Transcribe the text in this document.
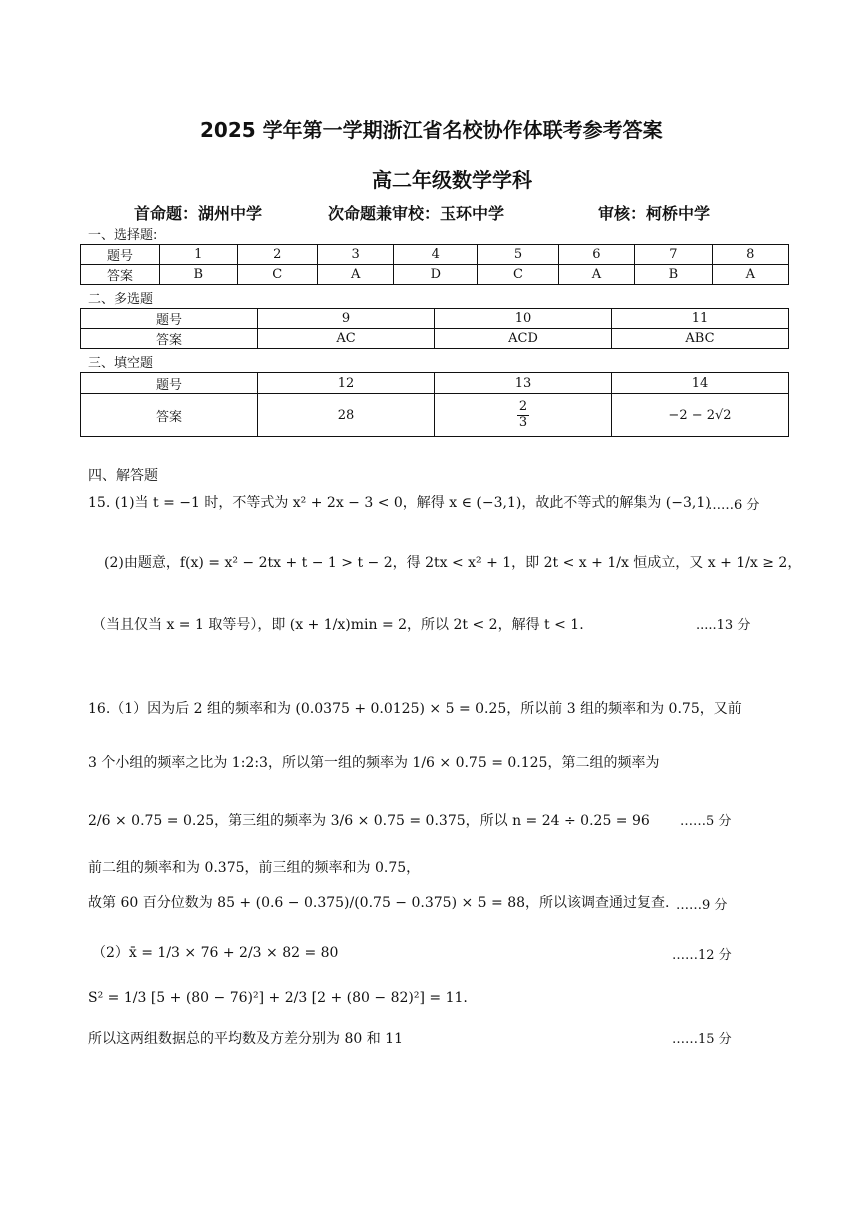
2025 学年第一学期浙江省名校协作体联考参考答案
高二年级数学学科
首命题：湖州中学	次命题兼审校：玉环中学	审核：柯桥中学
一、选择题:
题号	1	2	3	4	5	6	7	8
答案	B	C	A	D	C	A	B	A
二、多选题
题号	9	10	11
答案	AC	ACD	ABC
三、填空题
题号	12	13	14
答案	28	$\frac{2}{3}$	−2 − 2√2
四、解答题
15. (1)当 t = −1 时，不等式为 x² + 2x − 3 < 0，解得 x ∈ (−3,1)，故此不等式的解集为 (−3,1)
……6 分
(2)由题意，f(x) = x² − 2tx + t − 1 > t − 2，得 2tx < x² + 1，即 2t < x + 1/x 恒成立，又 x + 1/x ≥ 2，
（当且仅当 x = 1 取等号），即 (x + 1/x)min = 2，所以 2t < 2，解得 t < 1.	.....13 分
16.（1）因为后 2 组的频率和为 (0.0375 + 0.0125) × 5 = 0.25，所以前 3 组的频率和为 0.75，又前
3 个小组的频率之比为 1:2:3，所以第一组的频率为 1/6 × 0.75 = 0.125，第二组的频率为
2/6 × 0.75 = 0.25，第三组的频率为 3/6 × 0.75 = 0.375，所以 n = 24 ÷ 0.25 = 96 ……5 分
前二组的频率和为 0.375，前三组的频率和为 0.75，
故第 60 百分位数为 85 + (0.6 − 0.375)/(0.75 − 0.375) × 5 = 88，所以该调查通过复查. ……9 分
（2）x̄ = 1/3 × 76 + 2/3 × 82 = 80	……12 分
S² = 1/3 [5 + (80 − 76)²] + 2/3 [2 + (80 − 82)²] = 11.
所以这两组数据总的平均数及方差分别为 80 和 11	……15 分
